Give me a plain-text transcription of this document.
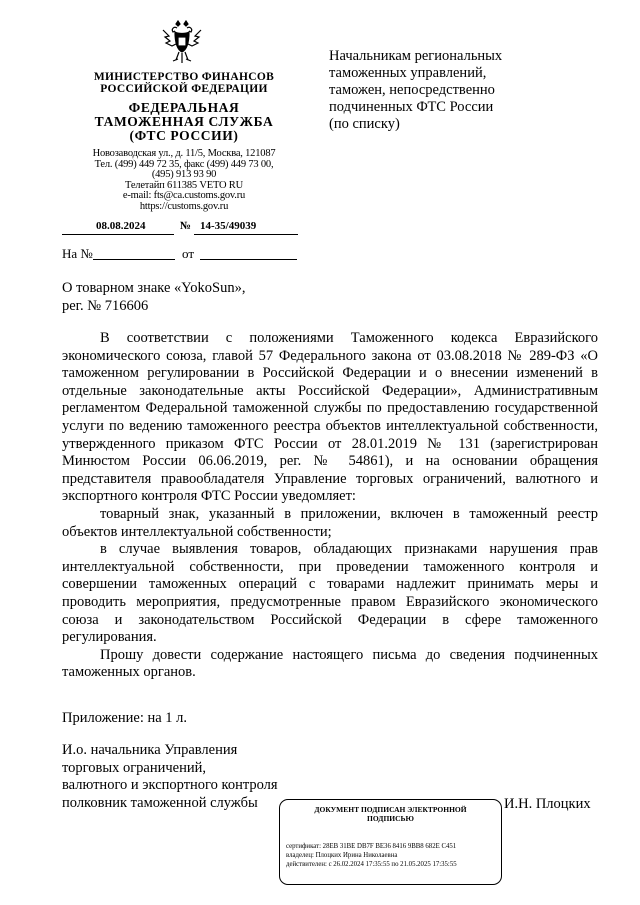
МИНИСТЕРСТВО ФИНАНСОВ
РОССИЙСКОЙ ФЕДЕРАЦИИ
ФЕДЕРАЛЬНАЯ
ТАМОЖЕННАЯ СЛУЖБА
(ФТС РОССИИ)
Новозаводская ул., д. 11/5, Москва, 121087
Тел. (499) 449 72 35, факс (499) 449 73 00,
(495) 913 93 90
Телетайп 611385 VETO RU
e-mail: fts@ca.customs.gov.ru
https://customs.gov.ru
Начальникам региональных
таможенных управлений,
таможен, непосредственно
подчиненных ФТС России
(по списку)
08.08.2024	№ 14-35/49039
На №	от
О товарном знаке «YokoSun»,
рег. № 716606

В соответствии с положениями Таможенного кодекса Евразийского экономического союза, главой 57 Федерального закона от 03.08.2018 № 289-ФЗ «О таможенном регулировании в Российской Федерации и о внесении изменений в отдельные законодательные акты Российской Федерации», Административным регламентом Федеральной таможенной службы по предоставлению государственной услуги по ведению таможенного реестра объектов интеллектуальной собственности, утвержденного приказом ФТС России от 28.01.2019 № 131 (зарегистрирован Минюстом России 06.06.2019, рег. № 54861), и на основании обращения представителя правообладателя Управление торговых ограничений, валютного и экспортного контроля ФТС России уведомляет:

товарный знак, указанный в приложении, включен в таможенный реестр объектов интеллектуальной собственности;

в случае выявления товаров, обладающих признаками нарушения прав интеллектуальной собственности, при проведении таможенного контроля и совершении таможенных операций с товарами надлежит принимать меры и проводить мероприятия, предусмотренные правом Евразийского экономического союза и законодательством Российской Федерации в сфере таможенного регулирования.

Прошу довести содержание настоящего письма до сведения подчиненных таможенных органов.

Приложение: на 1 л.
И.о. начальника Управления
торговых ограничений,
валютного и экспортного контроля
полковник таможенной службы	И.Н. Плоцких
ДОКУМЕНТ ПОДПИСАН ЭЛЕКТРОННОЙ
ПОДПИСЬЮ
сертификат: 28EB 31BE DB7F BE36 8416 9BB8 682E C451
владелец: Плоцких Ирина Николаевна
действителен: с 26.02.2024 17:35:55 по 21.05.2025 17:35:55
